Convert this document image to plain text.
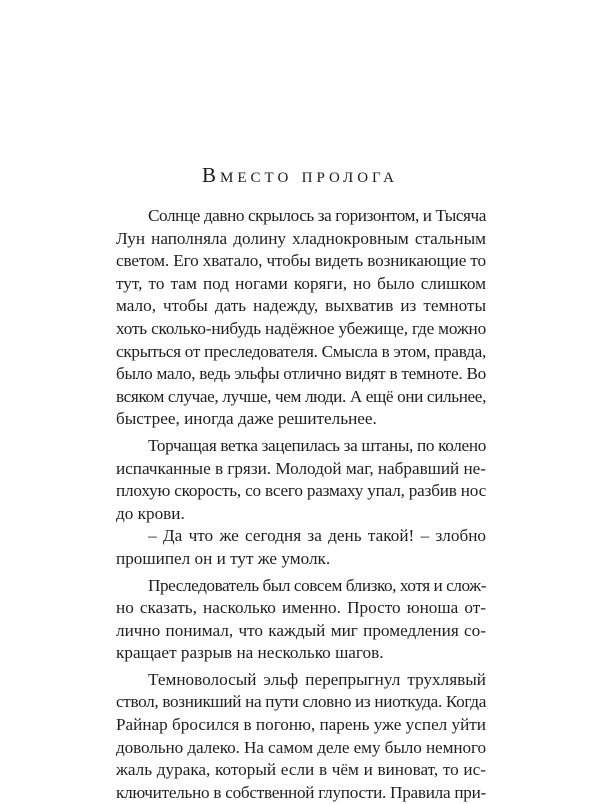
Вместо пролога
Солнце давно скрылось за горизонтом, и Тысяча
Лун наполняла долину хладнокровным стальным
светом. Его хватало, чтобы видеть возникающие то
тут, то там под ногами коряги, но было слишком
мало, чтобы дать надежду, выхватив из темноты
хоть сколько-нибудь надёжное убежище, где можно
скрыться от преследователя. Смысла в этом, правда,
было мало, ведь эльфы отлично видят в темноте. Во
всяком случае, лучше, чем люди. А ещё они сильнее,
быстрее, иногда даже решительнее.
Торчащая ветка зацепилась за штаны, по колено
испачканные в грязи. Молодой маг, набравший не-
плохую скорость, со всего размаху упал, разбив нос
до крови.
– Да что же сегодня за день такой! – злобно
прошипел он и тут же умолк.
Преследователь был совсем близко, хотя и слож-
но сказать, насколько именно. Просто юноша от-
лично понимал, что каждый миг промедления со-
кращает разрыв на несколько шагов.
Темноволосый эльф перепрыгнул трухлявый
ствол, возникший на пути словно из ниоткуда. Когда
Райнар бросился в погоню, парень уже успел уйти
довольно далеко. На самом деле ему было немного
жаль дурака, который если в чём и виноват, то ис-
ключительно в собственной глупости. Правила при-
